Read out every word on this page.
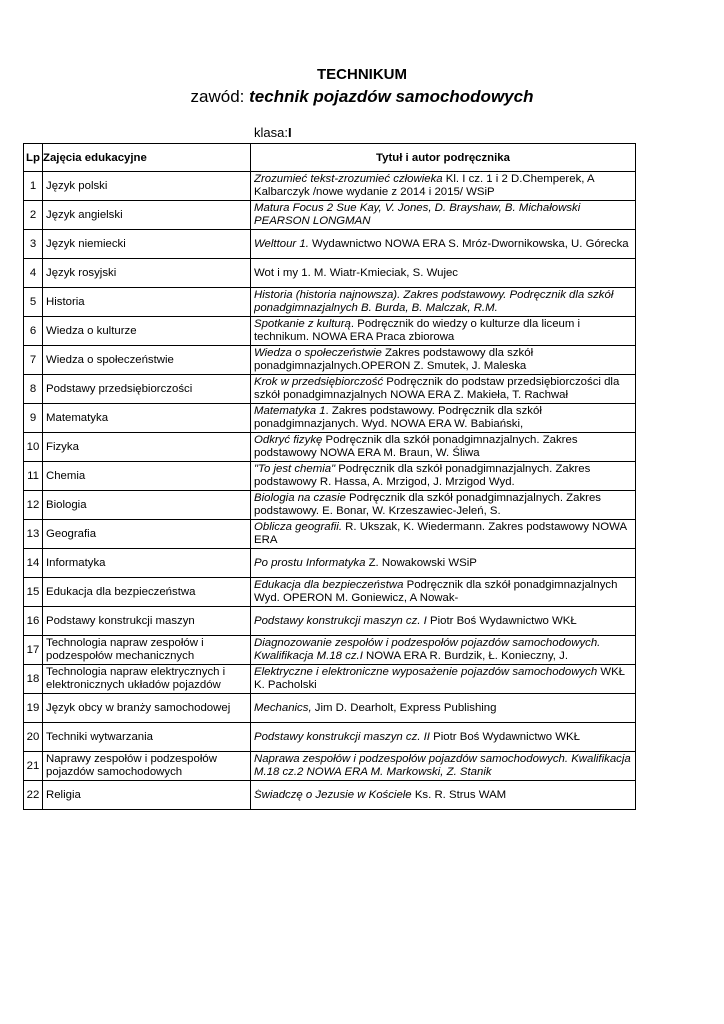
TECHNIKUM
zawód: technik pojazdów samochodowych
klasa:I
Lp	Zajęcia edukacyjne	Tytuł i autor podręcznika
1	Język polski	Zrozumieć tekst-zrozumieć człowieka Kl. I cz. 1 i 2 D.Chemperek, A Kalbarczyk /nowe wydanie z 2014 i 2015/ WSiP

2	Język angielski	Matura Focus 2 Sue Kay, V. Jones, D. Brayshaw, B. Michałowski PEARSON LONGMAN

3	Język niemiecki	Welttour 1. Wydawnictwo NOWA ERA S. Mróz-Dwornikowska, U. Górecka

4	Język rosyjski	Wot i my 1. M. Wiatr-Kmieciak, S. Wujec

5	Historia	Historia (historia najnowsza). Zakres podstawowy. Podręcznik dla szkół ponadgimnazjalnych B. Burda, B. Malczak, R.M.

6	Wiedza o kulturze	Spotkanie z kulturą. Podręcznik do wiedzy o kulturze dla liceum i technikum. NOWA ERA Praca zbiorowa

7	Wiedza o społeczeństwie	Wiedza o społeczeństwie Zakres podstawowy dla szkół ponadgimnazjalnych.OPERON Z. Smutek, J. Maleska

8	Podstawy przedsiębiorczości	Krok w przedsiębiorczość Podręcznik do podstaw przedsiębiorczości dla szkół ponadgimnazjalnych NOWA ERA Z. Makieła, T. Rachwał

9	Matematyka	Matematyka 1. Zakres podstawowy. Podręcznik dla szkół ponadgimnazjanych. Wyd. NOWA ERA W. Babiański,

10	Fizyka	Odkryć fizykę Podręcznik dla szkół ponadgimnazjalnych. Zakres podstawowy NOWA ERA M. Braun, W. Śliwa

11	Chemia	"To jest chemia" Podręcznik dla szkół ponadgimnazjalnych. Zakres podstawowy R. Hassa, A. Mrzigod, J. Mrzigod Wyd.

12	Biologia	Biologia na czasie Podręcznik dla szkół ponadgimnazjalnych. Zakres podstawowy. E. Bonar, W. Krzeszawiec-Jeleń, S.

13	Geografia	Oblicza geografii. R. Ukszak, K. Wiedermann. Zakres podstawowy NOWA ERA

14	Informatyka	Po prostu Informatyka Z. Nowakowski WSiP

15	Edukacja dla bezpieczeństwa	Edukacja dla bezpieczeństwa Podręcznik dla szkół ponadgimnazjalnych Wyd. OPERON M. Goniewicz, A Nowak-

16	Podstawy konstrukcji maszyn	Podstawy konstrukcji maszyn cz. I Piotr Boś Wydawnictwo WKŁ

17	Technologia napraw zespołów i podzespołów mechanicznych	Diagnozowanie zespołów i podzespołów pojazdów samochodowych. Kwalifikacja M.18 cz.I NOWA ERA R. Burdzik, Ł. Konieczny, J.

18	Technologia napraw elektrycznych i elektronicznych układów pojazdów	Elektryczne i elektroniczne wyposażenie pojazdów samochodowych WKŁ K. Pacholski

19	Język obcy w branży samochodowej	Mechanics, Jim D. Dearholt, Express Publishing

20	Techniki wytwarzania	Podstawy konstrukcji maszyn cz. II Piotr Boś Wydawnictwo WKŁ

21	Naprawy zespołów i podzespołów pojazdów samochodowych	Naprawa zespołów i podzespołów pojazdów samochodowych. Kwalifikacja M.18 cz.2 NOWA ERA M. Markowski, Z. Stanik

22	Religia	Świadczę o Jezusie w Kościele Ks. R. Strus WAM
